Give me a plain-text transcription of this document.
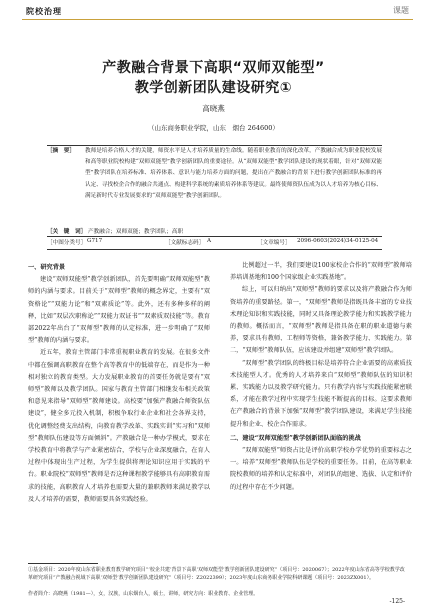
院校治理	课题
产教融合背景下高职“双师双能型”
教学创新团队建设研究①
高晓燕
（山东商务职业学院，山东　烟台 264600）
［摘　要］ 教师是培养合格人才的关键，师资水平是人才培养质量的生命线。随着职业教育的深化改革，产教融合成为职业院校发展和高等职业院校构建“双师双能型”教学创新团队的重要途径。从“双师双能型”教学团队建设的现状着眼，针对“双师双能型”教学团队在培养标准、培养体系、意识与能力培养方面的问题，提出在产教融合的背景下进行教学创新团队标准的再认定、寻找校企合作的融合共通点、构建科学系统的素质培养体系等建议。最终使师资队伍成为以人才培养为核心目标、满足新时代专业发展要求的“双师双能型”教学创新团队。
［关　键　词］ 产教融合；双师双能；教学团队；高职
［中图分类号］ G717	［文献标志码］ A	［文章编号］ 2096-0603(2024)34-0125-04

一、研究背景

建设“双师双能型”教学创新团队，首先要明确“双师双能型”教师的内涵与要求。目前关于“双师型”教师的概念界定，主要有“双资格论”“双能力论”和“双素质论”等。此外，还有多种多样的阐释，比如“双层次职称论”“双能力双证书”“双素质双技能”等。教育部2022年出台了“双师型”教师的认定标准，进一步明确了“双师型”教师的内涵与要求。

近五年，教育主管部门非常重视职业教育的发展。在很多文件中都在强调高职教育在整个高等教育中的低端存在，而是作为一种相对独立的教育类型。大力发展职业教育的首要任务就是要有“双师型”教师以及教学团队。国家与教育主管部门相继发布相关政策和意见来指导“双师型”教师建设。高校要“加强产教融合师资队伍建设”，健全多元投入机制，积极争取行业企业和社会各界支持，优化调整经费支出结构，向教育教学改革、实践实训“实习和“双师型”教师队伍建设等方面倾斜”。产教融合是一种办学模式，要求在学校教育中将教学与产业紧密结合，学校与企业深度融合，在育人过程中体现出生产过程，为学生提供将理论知识应用于实践的平台。职业院校“双师型”教师是否这种课程教学能够具有高职教育需求的技能，高职教育人才培养也需要大量的兼职教师来满足教学以及人才培养的需要，教师需要具备实践经验。

比例超过一半，我们要建设100家校企合作的“双师型”教师培养培训基地和100个国家级企业实践基地”。

综上，可以归纳出“双师型”教师的要求以及将产教融合作为师资培养的重要路径。第一，“双师型”教师是指既具备丰富的专业技术理论知识和实践技能，同时又具备理论教学能力和实践教学能力的教师。概括而言，“双师型”教师是指具备在职的职业道德与素养，要求具有教师、工程师等资格，兼备教学能力、实践能力。第二，“双师型”教师队伍，应该建设并组建“双师型”教学团队。

“双师型”教学团队的终极目标是培养符合企业需要的高素质技术技能型人才。优秀的人才培养来自“双师型”教师队伍的知识积累、实践能力以及教学研究能力。只有教学内容与实践技能紧密联系，才能在教学过程中实现学生技能不断提高的目标。这要求教师在产教融合的背景下加强“双师型”教学团队建设，来满足学生技能提升和企业、校企合作需求。

二、建设“双师双能型”教学创新团队面临的挑战

“双师双能型”师资占比是评价高职学校办学优势的重要标志之一。培养“双师型”教师队伍是学校的重要任务。目前，在高等职业院校教师的培养和认定标准中，对团队的组建、选拔、认定和评价的过程中存在不少问题。

①基金项目：2020年度山东省职业教育教学研究项目“‘校企共建’背景下高职‘双师双能型’教学创新团队建设研究”（项目号：2020067）；2022年度山东省高等学校教学改革研究项目“产教融合视域下高职‘双师型’教学创新团队建设研究”（项目号：Z2022399）；2023年度山东商务职业学院科研课题（项目号：2023ZX001）。
作者简介：高晓燕（1981—），女，汉族，山东烟台人，硕士，讲师，研究方向：职业教育、企业管理。
-125-
